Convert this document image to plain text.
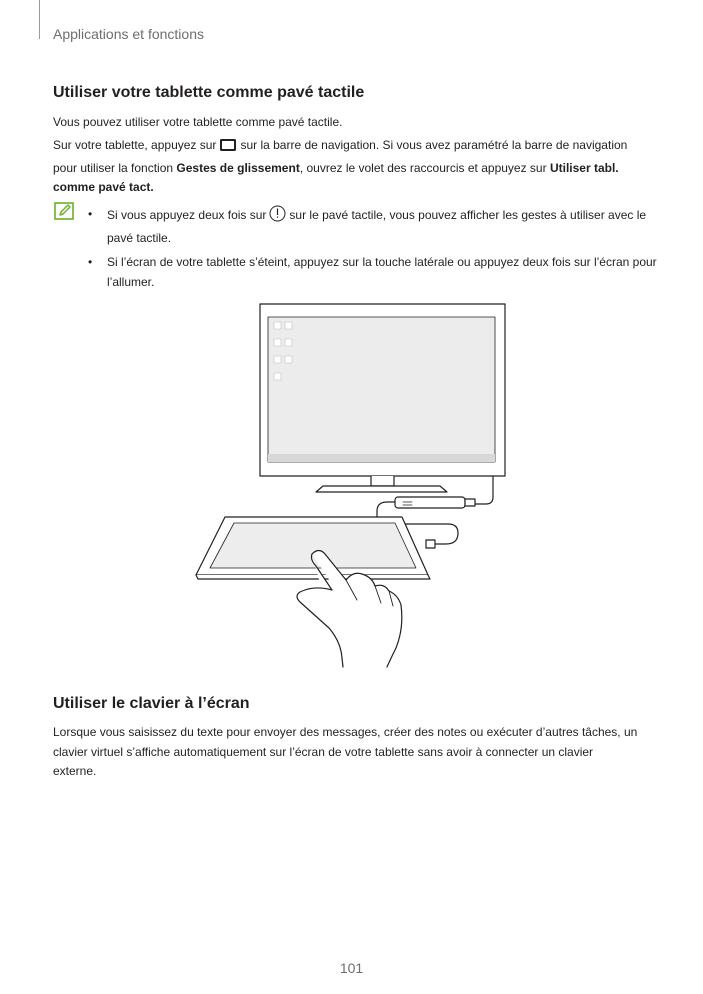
Applications et fonctions
Utiliser votre tablette comme pavé tactile
Vous pouvez utiliser votre tablette comme pavé tactile.
Sur votre tablette, appuyez sur sur la barre de navigation. Si vous avez paramétré la barre de navigation pour utiliser la fonction Gestes de glissement, ouvrez le volet des raccourcis et appuyez sur Utiliser tabl. comme pavé tact.
• Si vous appuyez deux fois sur sur le pavé tactile, vous pouvez afficher les gestes à utiliser avec le pavé tactile.
• Si l’écran de votre tablette s’éteint, appuyez sur la touche latérale ou appuyez deux fois sur l’écran pour l’allumer.
Utiliser le clavier à l’écran
Lorsque vous saisissez du texte pour envoyer des messages, créer des notes ou exécuter d’autres tâches, un clavier virtuel s’affiche automatiquement sur l’écran de votre tablette sans avoir à connecter un clavier externe.
101
